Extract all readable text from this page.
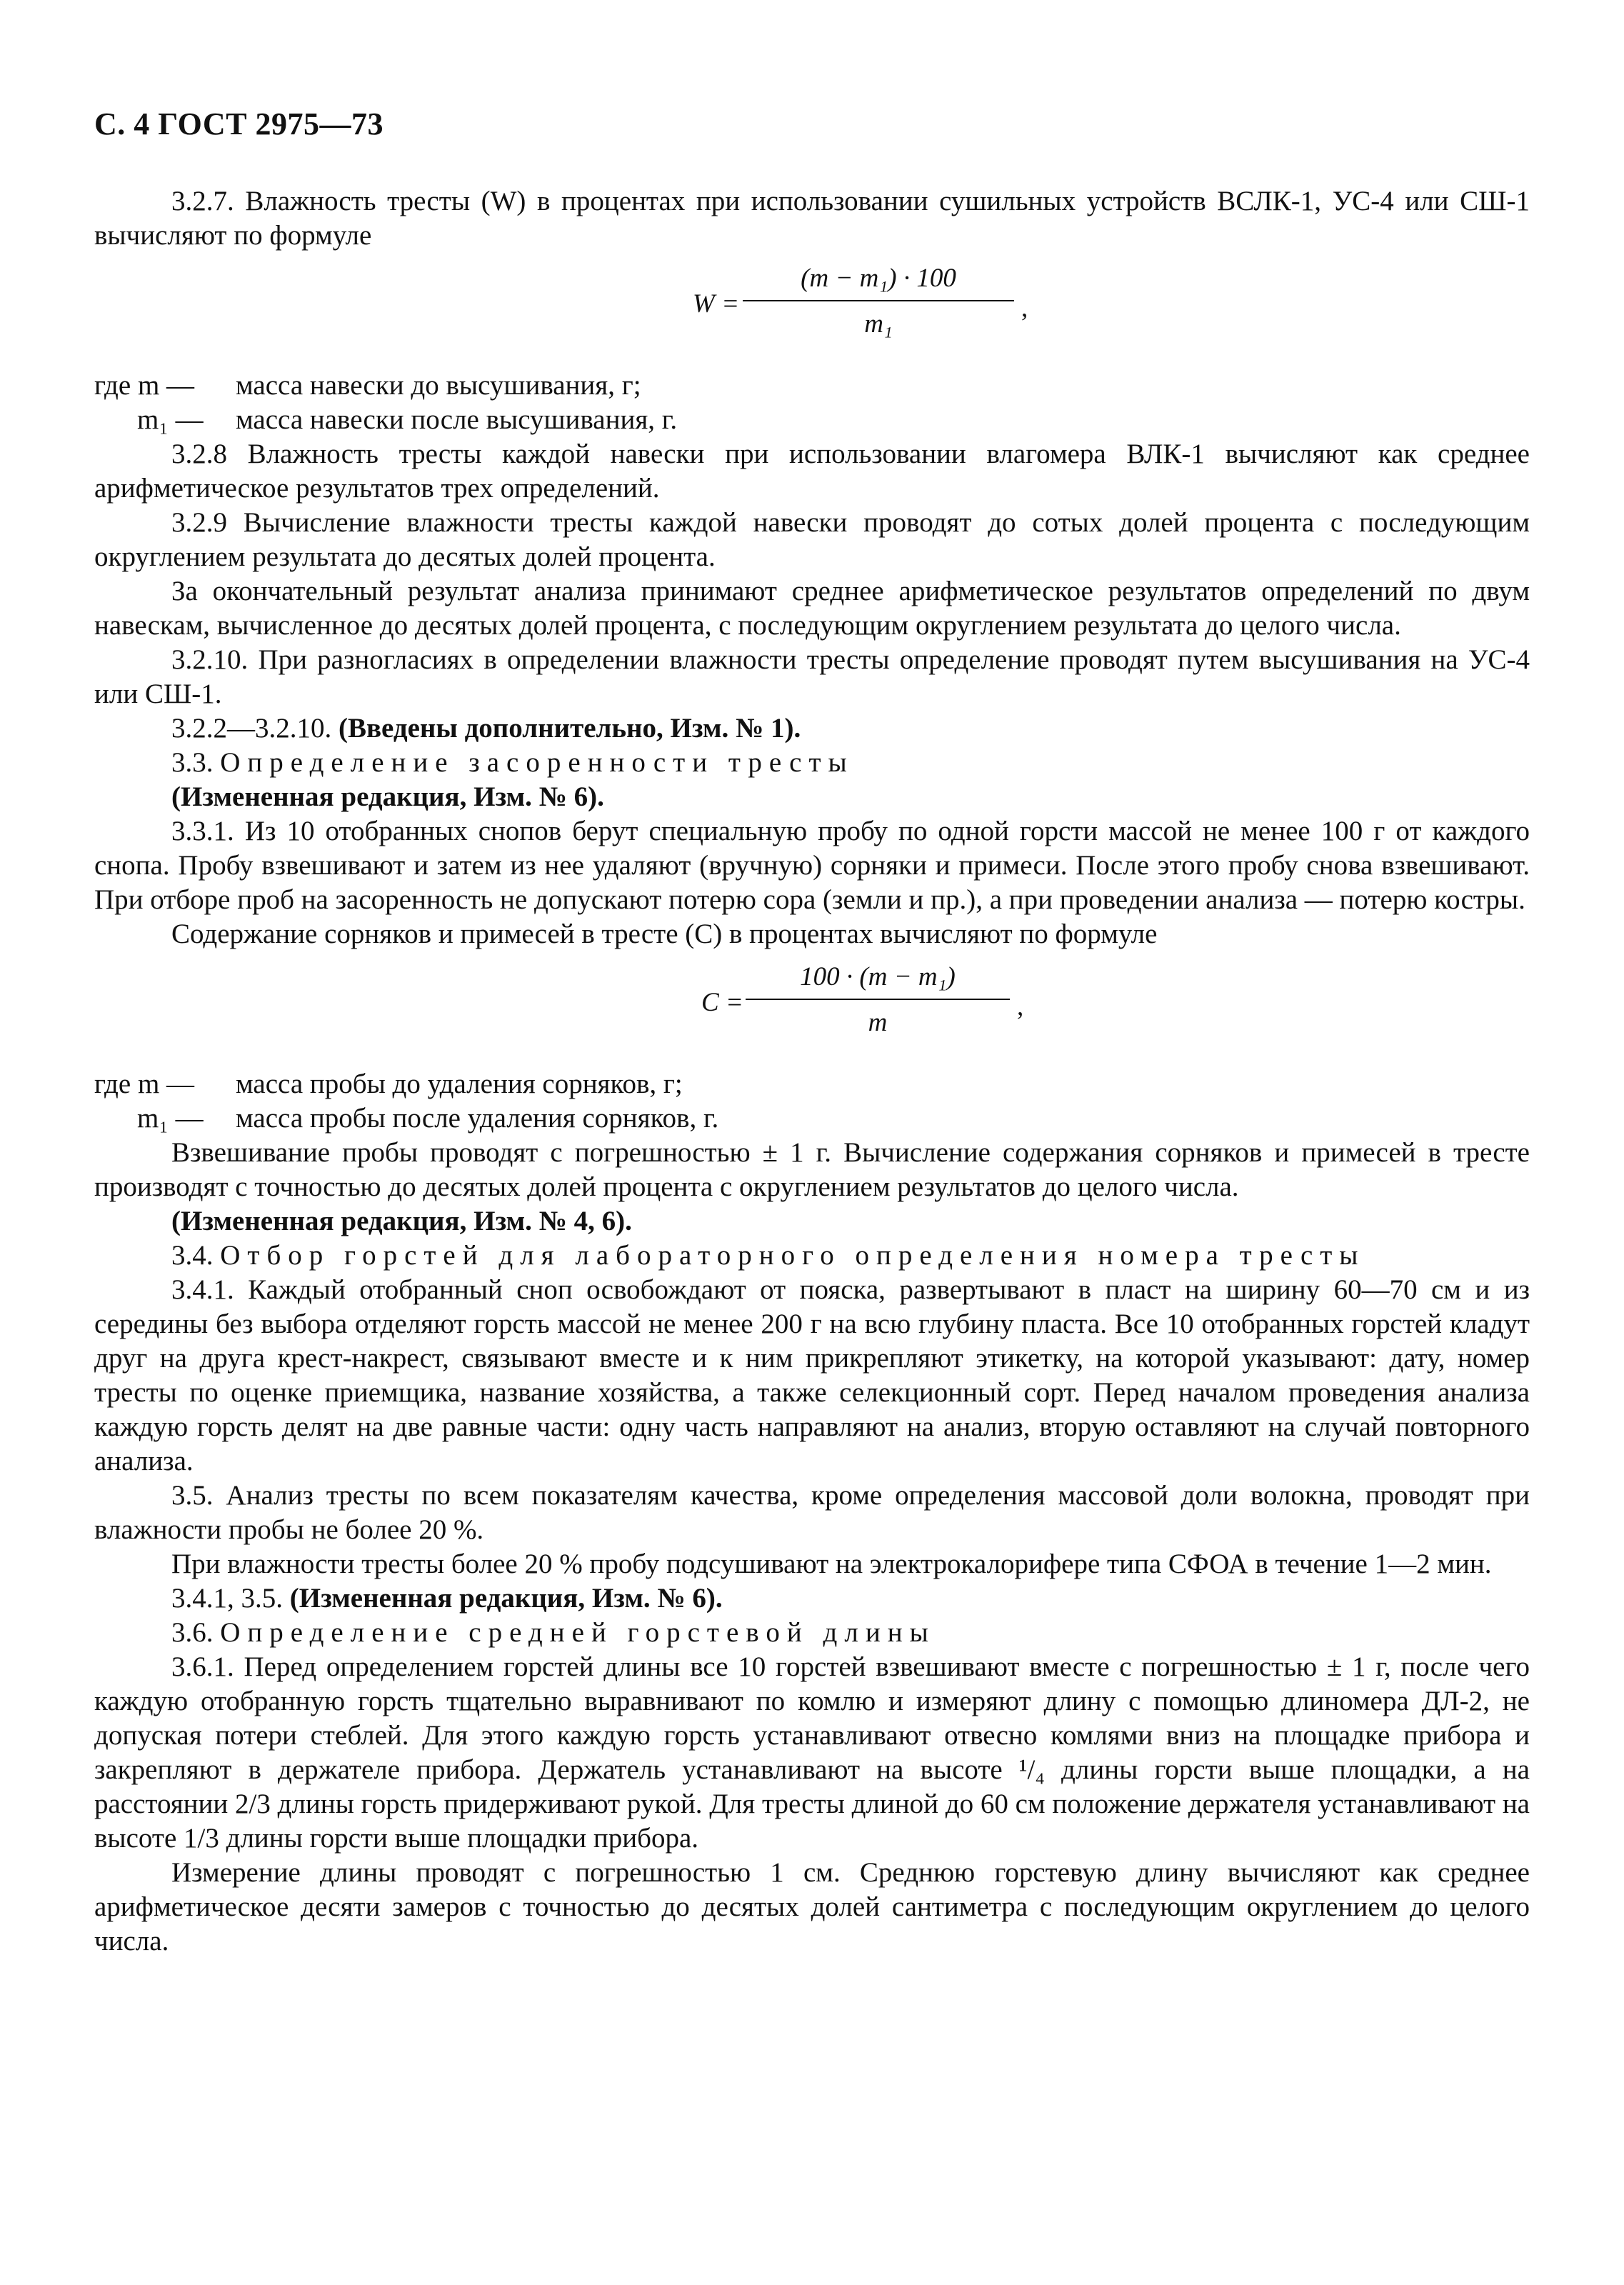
С. 4 ГОСТ 2975—73

3.2.7. Влажность тресты (W) в процентах при использовании сушильных устройств ВСЛК-1, УС-4 или СШ-1 вычисляют по формуле

W =
(m − m₁) · 100
m₁
,
где m —	масса навески до высушивания, г;
m₁ —	масса навески после высушивания, г.

3.2.8 Влажность тресты каждой навески при использовании влагомера ВЛК-1 вычисляют как среднее арифметическое результатов трех определений.

3.2.9 Вычисление влажности тресты каждой навески проводят до сотых долей процента с последующим округлением результата до десятых долей процента.

За окончательный результат анализа принимают среднее арифметическое результатов определений по двум навескам, вычисленное до десятых долей процента, с последующим округлением результата до целого числа.

3.2.10. При разногласиях в определении влажности тресты определение проводят путем высушивания на УС-4 или СШ-1.

3.2.2—3.2.10. (Введены дополнительно, Изм. № 1).

3.3. Определение засоренности тресты

(Измененная редакция, Изм. № 6).

3.3.1. Из 10 отобранных снопов берут специальную пробу по одной горсти массой не менее 100 г от каждого снопа. Пробу взвешивают и затем из нее удаляют (вручную) сорняки и примеси. После этого пробу снова взвешивают. При отборе проб на засоренность не допускают потерю сора (земли и пр.), а при проведении анализа — потерю костры.

Содержание сорняков и примесей в тресте (C) в процентах вычисляют по формуле

C =
100 · (m − m₁)
m
,
где m —	масса пробы до удаления сорняков, г;
m₁ —	масса пробы после удаления сорняков, г.

Взвешивание пробы проводят с погрешностью ± 1 г. Вычисление содержания сорняков и примесей в тресте производят с точностью до десятых долей процента с округлением результатов до целого числа.

(Измененная редакция, Изм. № 4, 6).

3.4. Отбор горстей для лабораторного определения номера тресты

3.4.1. Каждый отобранный сноп освобождают от пояска, развертывают в пласт на ширину 60—70 см и из середины без выбора отделяют горсть массой не менее 200 г на всю глубину пласта. Все 10 отобранных горстей кладут друг на друга крест-накрест, связывают вместе и к ним прикрепляют этикетку, на которой указывают: дату, номер тресты по оценке приемщика, название хозяйства, а также селекционный сорт. Перед началом проведения анализа каждую горсть делят на две равные части: одну часть направляют на анализ, вторую оставляют на случай повторного анализа.

3.5. Анализ тресты по всем показателям качества, кроме определения массовой доли волокна, проводят при влажности пробы не более 20 %.

При влажности тресты более 20 % пробу подсушивают на электрокалорифере типа СФОА в течение 1—2 мин.

3.4.1, 3.5. (Измененная редакция, Изм. № 6).

3.6. Определение средней горстевой длины

3.6.1. Перед определением горстей длины все 10 горстей взвешивают вместе с погрешностью ± 1 г, после чего каждую отобранную горсть тщательно выравнивают по комлю и измеряют длину с помощью длиномера ДЛ-2, не допуская потери стеблей. Для этого каждую горсть устанавливают отвесно комлями вниз на площадке прибора и закрепляют в держателе прибора. Держатель устанавливают на высоте ¹/₄ длины горсти выше площадки, а на расстоянии 2/3 длины горсть придерживают рукой. Для тресты длиной до 60 см положение держателя устанавливают на высоте 1/3 длины горсти выше площадки прибора.

Измерение длины проводят с погрешностью 1 см. Среднюю горстевую длину вычисляют как среднее арифметическое десяти замеров с точностью до десятых долей сантиметра с последующим округлением до целого числа.
